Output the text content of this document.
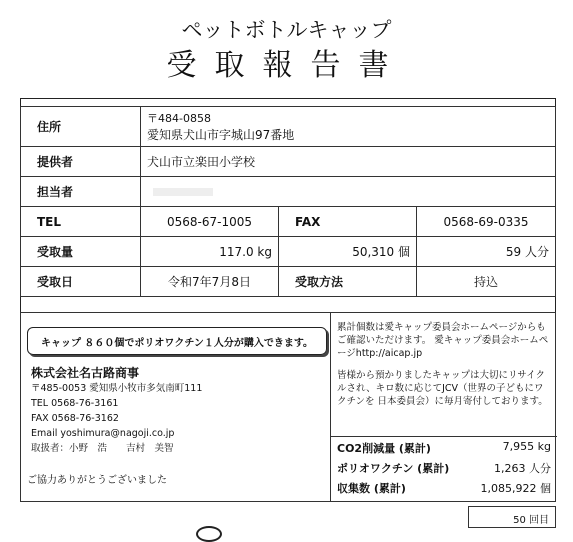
ペットボトルキャップ
受取報告書
住所	〒484-0858
愛知県犬山市字城山97番地		
提供者	犬山市立楽田小学校		
担当者			
TEL	0568-67-1005	FAX	0568-69-0335
受取量	117.0 kg	50,310 個	59 人分
受取日	令和7年7月8日	受取方法	持込
キャップ ８６０個でポリオワクチン１人分が購入できます。
株式会社名古路商事
〒485-0053 愛知県小牧市多気南町111
TEL 0568-76-3161
FAX 0568-76-3162
Email yoshimura@nagoji.co.jp
取扱者：小野　浩　　吉村　美智
ご協力ありがとうございました
累計個数は愛キャップ委員会ホームページからもご確認いただけます。 愛キャップ委員会ホームページhttp://aicap.jp
皆様から預かりましたキャップは大切にリサイクルされ、キロ数に応じてJCV（世界の子どもにワクチンを 日本委員会）に毎月寄付しております。
CO2削減量 (累計)	7,955 kg
ポリオワクチン (累計)	1,263 人分
収集数 (累計)	1,085,922 個
50 回目
